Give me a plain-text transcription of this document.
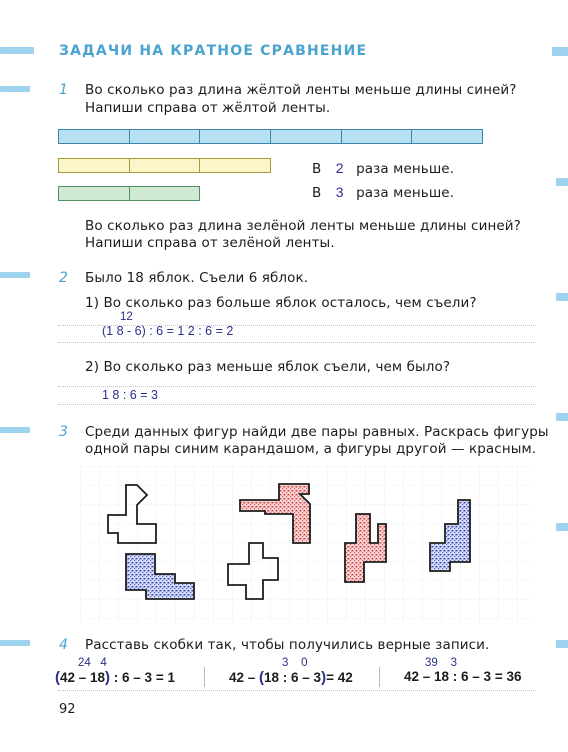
ЗАДАЧИ НА КРАТНОЕ СРАВНЕНИЕ
1 Во сколько раз длина жёлтой ленты меньше длины синей?
Напиши справа от жёлтой ленты.
В 2 раза меньше.
В 3 раза меньше.
Во сколько раз длина зелёной ленты меньше длины синей?
Напиши справа от зелёной ленты.
2 Было 18 яблок. Съели 6 яблок.
1) Во сколько раз больше яблок осталось, чем съели?
12
(1 8 - 6) : 6 = 1 2 : 6 = 2
2) Во сколько раз меньше яблок съели, чем было?
1 8 : 6 = 3
3 Среди данных фигур найди две пары равных. Раскрась фигуры
одной пары синим карандашом, а фигуры другой — красным.
4 Расставь скобки так, чтобы получились верные записи.
24   4
(42 – 18) : 6 – 3 = 1
3    0
42 – (18 : 6 – 3)= 42
39    3
42 – 18 : 6 – 3 = 36
92
